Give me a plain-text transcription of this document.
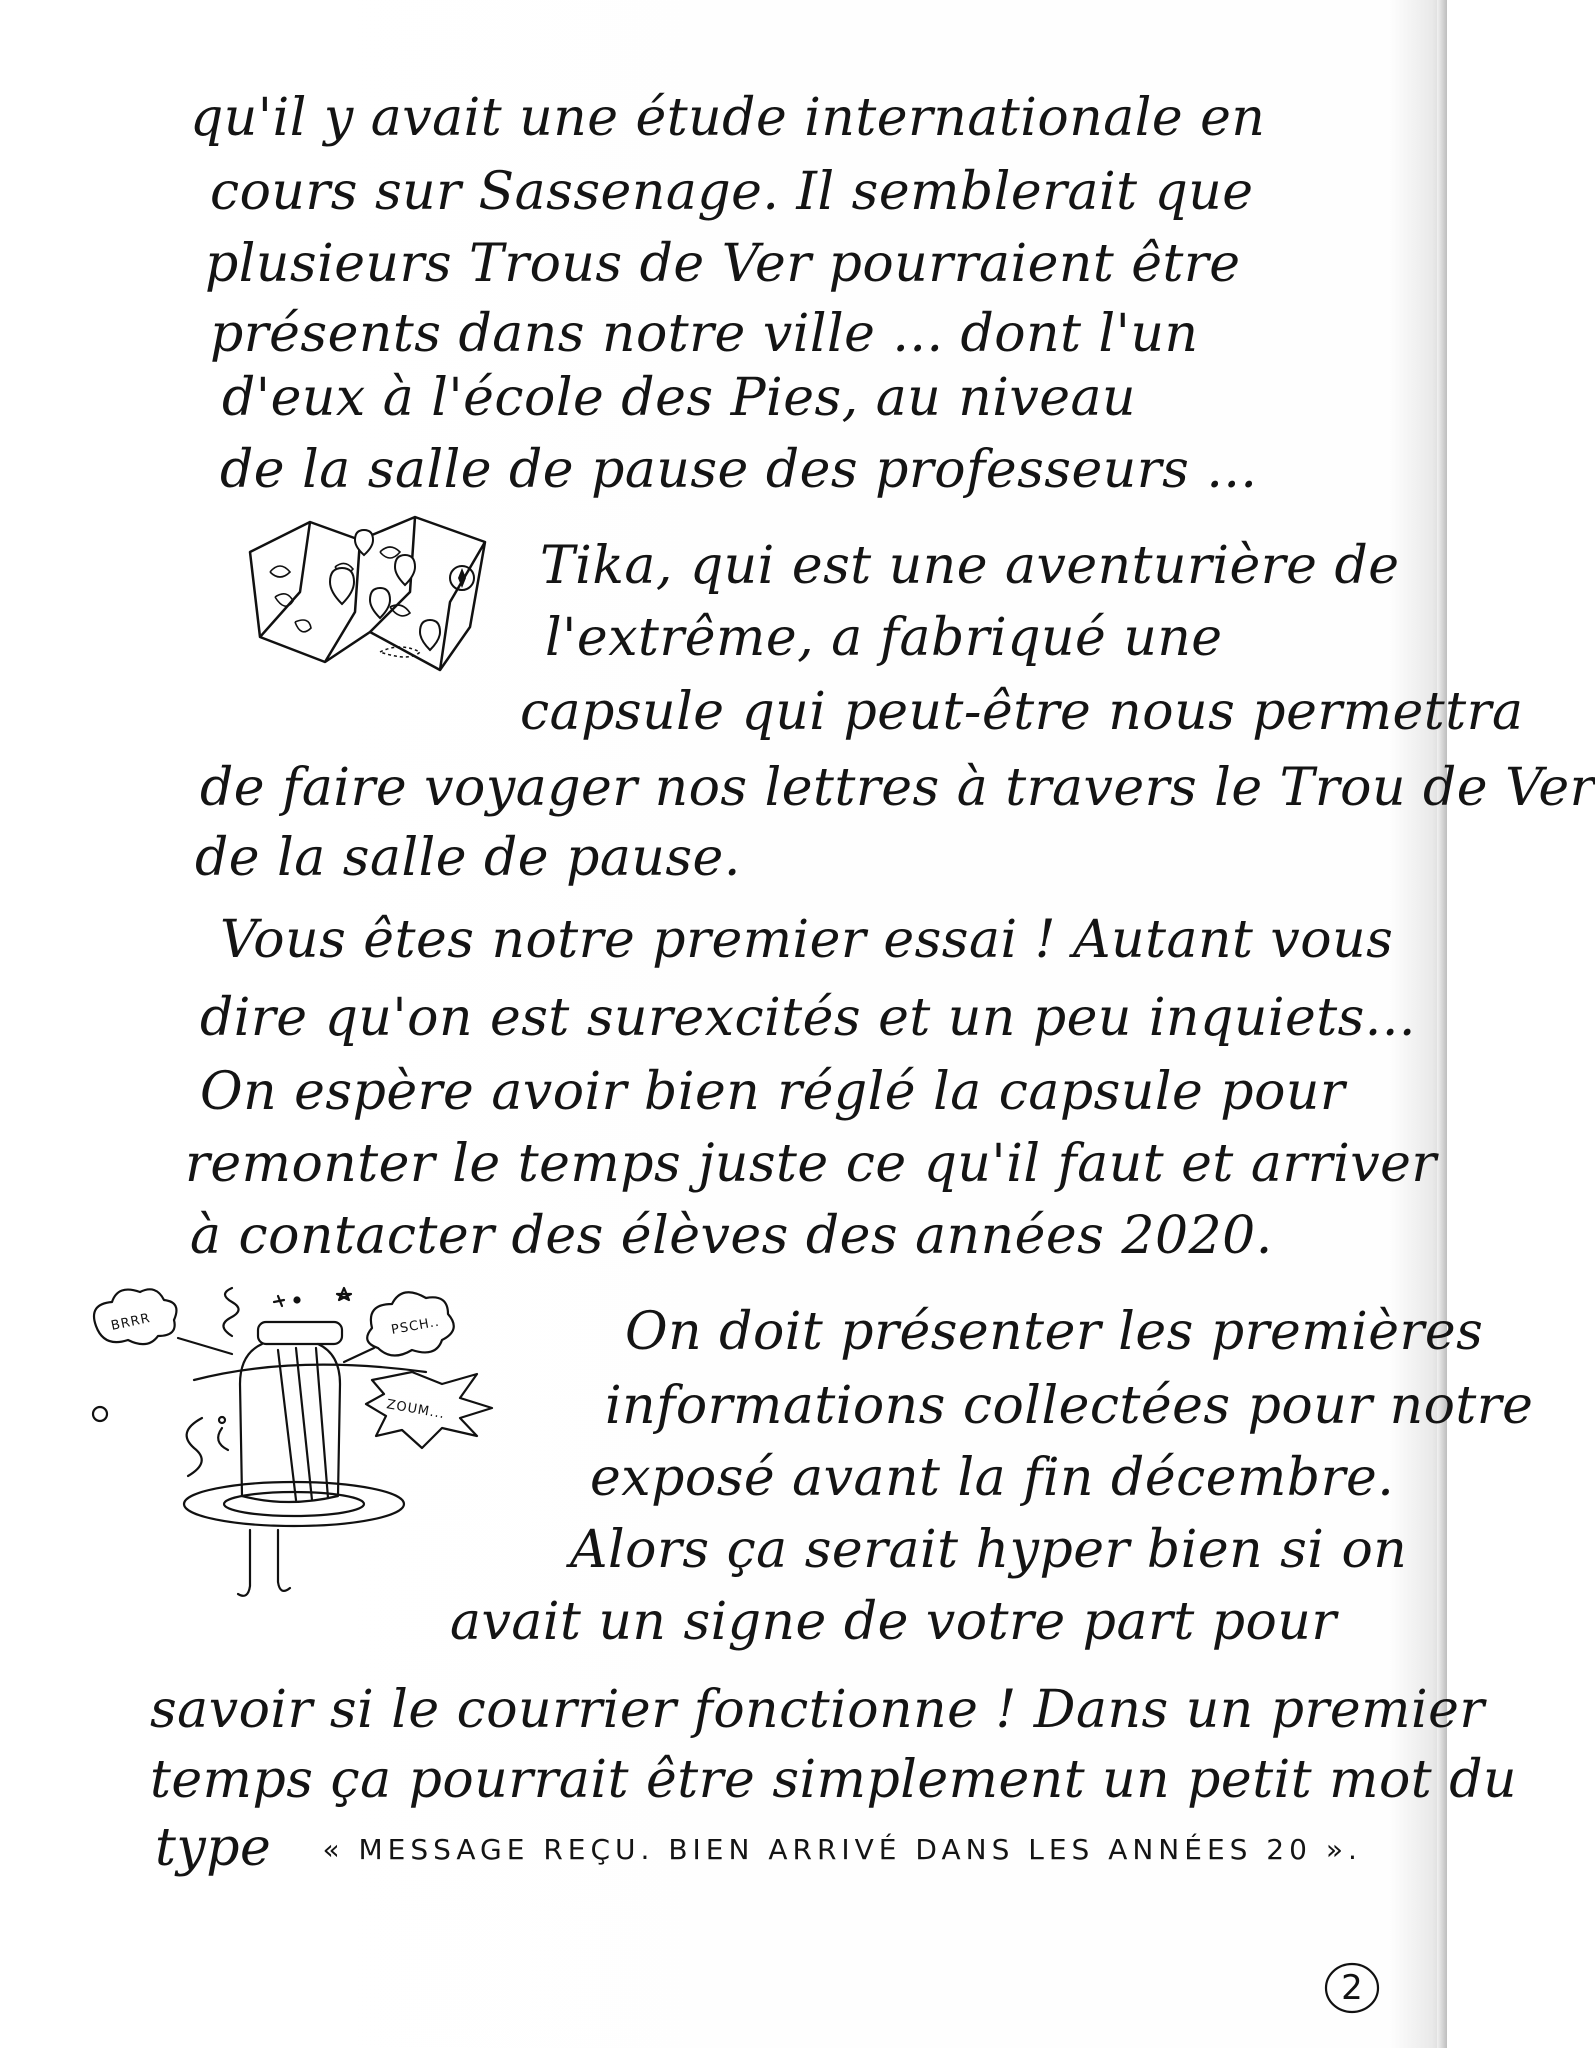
qu'il y avait une étude internationale en
cours sur Sassenage. Il semblerait que
plusieurs Trous de Ver pourraient être
présents dans notre ville ... dont l'un
d'eux à l'école des Pies, au niveau
de la salle de pause des professeurs ...
Tika, qui est une aventurière de
l'extrême, a fabriqué une
capsule qui peut-être nous permettra
de faire voyager nos lettres à travers le Trou de Ver
de la salle de pause.
Vous êtes notre premier essai ! Autant vous
dire qu'on est surexcités et un peu inquiets...
On espère avoir bien réglé la capsule pour
remonter le temps juste ce qu'il faut et arriver
à contacter des élèves des années 2020.
On doit présenter les premières
informations collectées pour notre
exposé avant la fin décembre.
Alors ça serait hyper bien si on
avait un signe de votre part pour
savoir si le courrier fonctionne ! Dans un premier
temps ça pourrait être simplement un petit mot du
type « MESSAGE REÇU. BIEN ARRIVÉ DANS LES ANNÉES 20 ».
BRRR	PSCH..
ZOUM...
2
